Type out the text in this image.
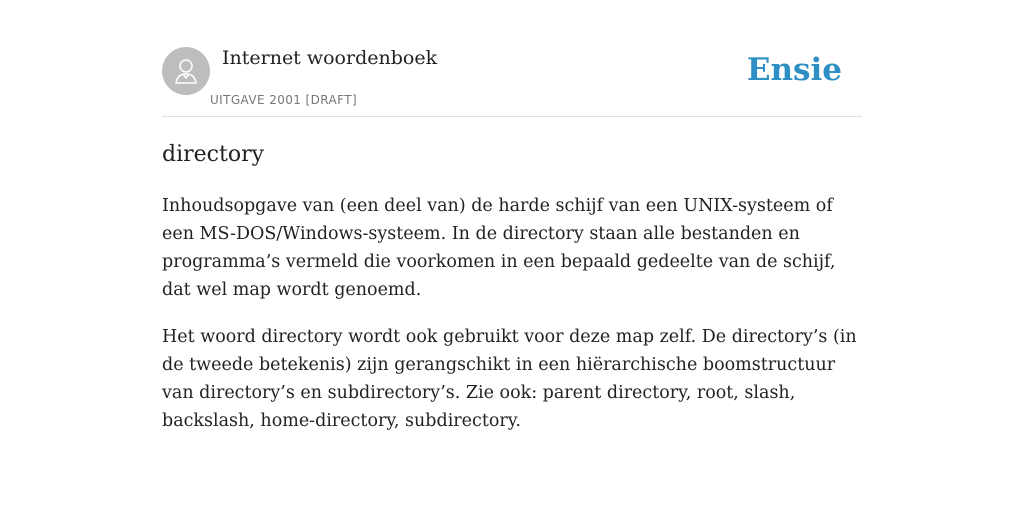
Internet woordenboek
UITGAVE 2001 [DRAFT]
Ensie
directory

Inhoudsopgave van (een deel van) de harde schijf van een UNIX-systeem of een MS-DOS/Windows-systeem. In de directory staan alle bestanden en programma’s vermeld die voorkomen in een bepaald gedeelte van de schijf, dat wel map wordt genoemd.

Het woord directory wordt ook gebruikt voor deze map zelf. De directory’s (in de tweede betekenis) zijn gerangschikt in een hiërarchische boomstructuur van directory’s en subdirectory’s. Zie ook: parent directory, root, slash, backslash, home-directory, subdirectory.
